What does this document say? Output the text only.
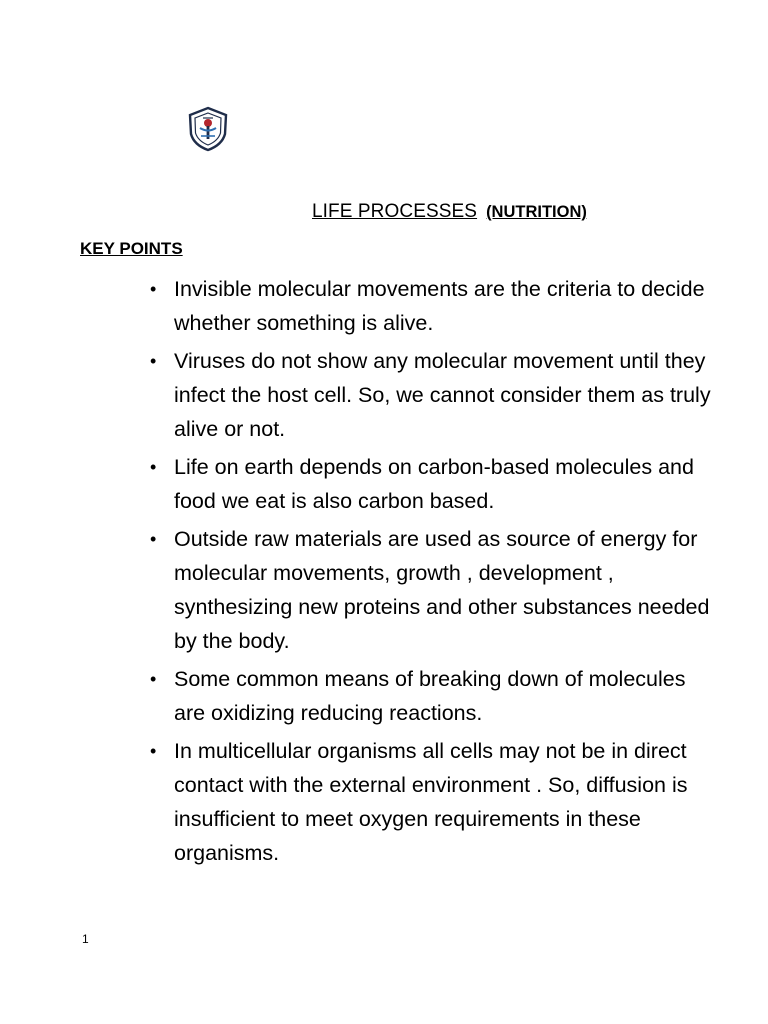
LIFE PROCESSES (NUTRITION)
KEY POINTS
• Invisible molecular movements are the criteria to decide whether something is alive.
• Viruses do not show any molecular movement until they infect the host cell. So, we cannot consider them as truly alive or not.
• Life on earth depends on carbon-based molecules and food we eat is also carbon based.
• Outside raw materials are used as source of energy for molecular movements, growth , development , synthesizing new proteins and other substances needed by the body.
• Some common means of breaking down of molecules are oxidizing reducing reactions.
• In multicellular organisms all cells may not be in direct contact with the external environment . So, diffusion is insufficient to meet oxygen requirements in these organisms.
1
